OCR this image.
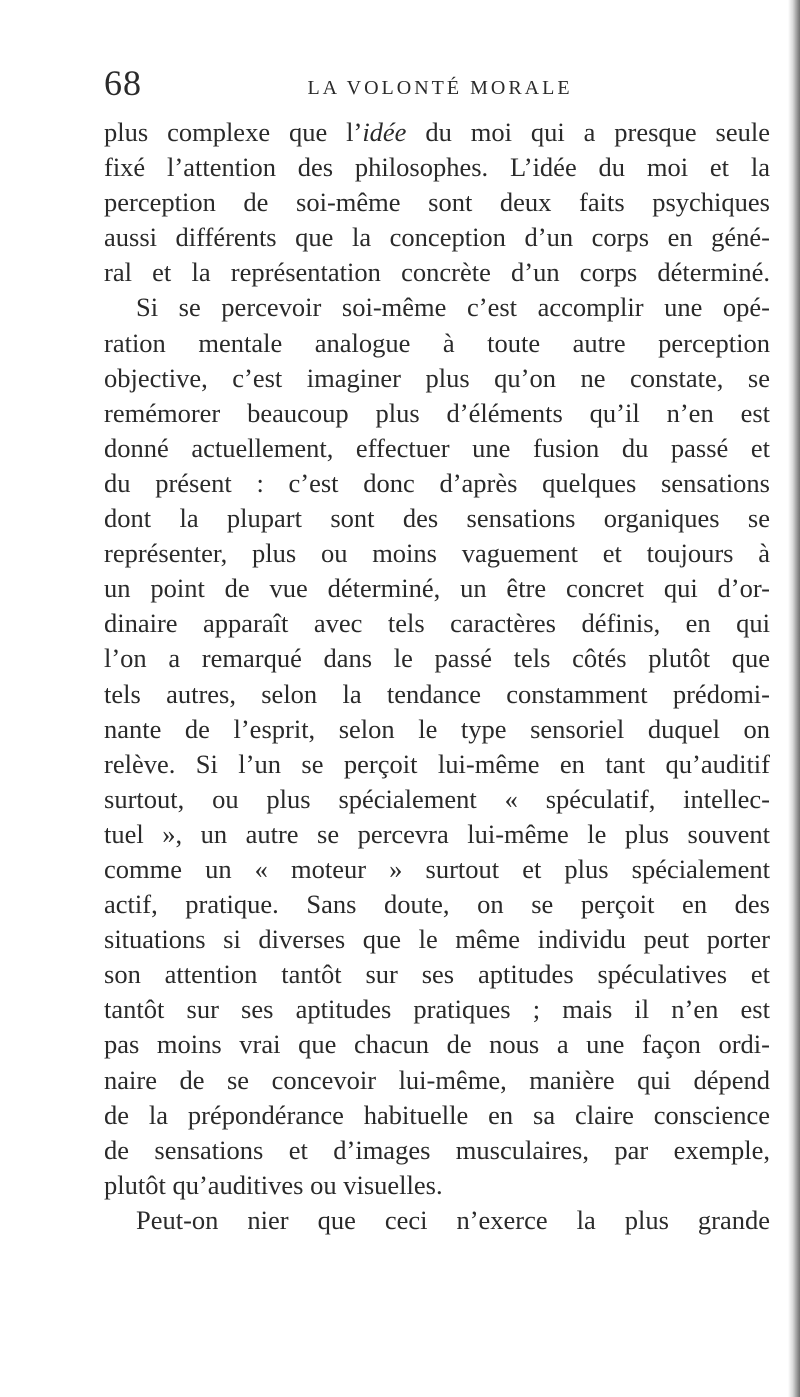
68	LA VOLONTÉ MORALE
plus complexe que l’idée du moi qui a presque seule
fixé l’attention des philosophes. L’idée du moi et la
perception de soi-même sont deux faits psychiques
aussi différents que la conception d’un corps en géné-
ral et la représentation concrète d’un corps déterminé.
Si se percevoir soi-même c’est accomplir une opé-
ration mentale analogue à toute autre perception
objective, c’est imaginer plus qu’on ne constate, se
remémorer beaucoup plus d’éléments qu’il n’en est
donné actuellement, effectuer une fusion du passé et
du présent : c’est donc d’après quelques sensations
dont la plupart sont des sensations organiques se
représenter, plus ou moins vaguement et toujours à
un point de vue déterminé, un être concret qui d’or-
dinaire apparaît avec tels caractères définis, en qui
l’on a remarqué dans le passé tels côtés plutôt que
tels autres, selon la tendance constamment prédomi-
nante de l’esprit, selon le type sensoriel duquel on
relève. Si l’un se perçoit lui-même en tant qu’auditif
surtout, ou plus spécialement « spéculatif, intellec-
tuel », un autre se percevra lui-même le plus souvent
comme un « moteur » surtout et plus spécialement
actif, pratique. Sans doute, on se perçoit en des
situations si diverses que le même individu peut porter
son attention tantôt sur ses aptitudes spéculatives et
tantôt sur ses aptitudes pratiques ; mais il n’en est
pas moins vrai que chacun de nous a une façon ordi-
naire de se concevoir lui-même, manière qui dépend
de la prépondérance habituelle en sa claire conscience
de sensations et d’images musculaires, par exemple,
plutôt qu’auditives ou visuelles.
Peut-on nier que ceci n’exerce la plus grande
